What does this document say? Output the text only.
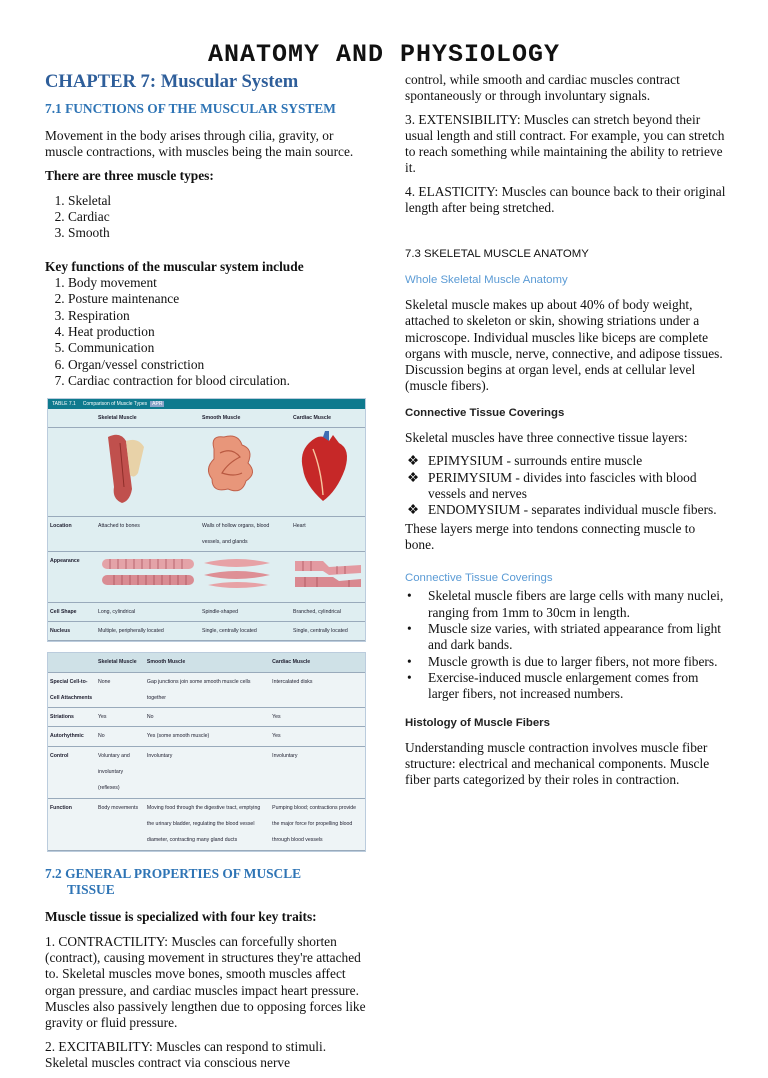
ANATOMY AND PHYSIOLOGY
CHAPTER 7: Muscular System
7.1 FUNCTIONS OF THE MUSCULAR SYSTEM

Movement in the body arises through cilia, gravity, or muscle contractions, with muscles being the main source.

There are three muscle types:

1. Skeletal
2. Cardiac
3. Smooth

Key functions of the muscular system include

1. Body movement
2. Posture maintenance
3. Respiration
4. Heat production
5. Communication
6. Organ/vessel constriction
7. Cardiac contraction for blood circulation.
TABLE 7.1 Comparison of Muscle Types APR
	Skeletal Muscle	Smooth Muscle	Cardiac Muscle

Location	Attached to bones	Walls of hollow organs, blood vessels, and glands	Heart
Appearance			
Cell Shape	Long, cylindrical	Spindle-shaped	Branched, cylindrical
Nucleus	Multiple, peripherally located	Single, centrally located	Single, centrally located
	Skeletal Muscle	Smooth Muscle	Cardiac Muscle
Special Cell-to-Cell Attachments	None	Gap junctions join some smooth muscle cells together	Intercalated disks
Striations	Yes	No	Yes
Autorhythmic	No	Yes (some smooth muscle)	Yes
Control	Voluntary and involuntary (reflexes)	Involuntary	Involuntary
Function	Body movements	Moving food through the digestive tract, emptying the urinary bladder, regulating the blood vessel diameter, contracting many gland ducts	Pumping blood; contractions provide the major force for propelling blood through blood vessels
7.2 GENERAL PROPERTIES OF MUSCLE
TISSUE

Muscle tissue is specialized with four key traits:

1. CONTRACTILITY: Muscles can forcefully shorten (contract), causing movement in structures they're attached to. Skeletal muscles move bones, smooth muscles affect organ pressure, and cardiac muscles impact heart pressure. Muscles also passively lengthen due to opposing forces like gravity or fluid pressure.

2. EXCITABILITY: Muscles can respond to stimuli. Skeletal muscles contract via conscious nerve

control, while smooth and cardiac muscles contract spontaneously or through involuntary signals.

3. EXTENSIBILITY: Muscles can stretch beyond their usual length and still contract. For example, you can stretch to reach something while maintaining the ability to retrieve it.

4. ELASTICITY: Muscles can bounce back to their original length after being stretched.

7.3 SKELETAL MUSCLE ANATOMY
Whole Skeletal Muscle Anatomy

Skeletal muscle makes up about 40% of body weight, attached to skeleton or skin, showing striations under a microscope. Individual muscles like biceps are complete organs with muscle, nerve, connective, and adipose tissues. Discussion begins at organ level, ends at cellular level (muscle fibers).

Connective Tissue Coverings

Skeletal muscles have three connective tissue layers:

❖ EPIMYSIUM - surrounds entire muscle
❖ PERIMYSIUM - divides into fascicles with blood vessels and nerves
❖ ENDOMYSIUM - separates individual muscle fibers.

These layers merge into tendons connecting muscle to bone.

Connective Tissue Coverings
• Skeletal muscle fibers are large cells with many nuclei, ranging from 1mm to 30cm in length.
• Muscle size varies, with striated appearance from light and dark bands.
• Muscle growth is due to larger fibers, not more fibers.
• Exercise-induced muscle enlargement comes from larger fibers, not increased numbers.
Histology of Muscle Fibers

Understanding muscle contraction involves muscle fiber structure: electrical and mechanical components. Muscle fiber parts categorized by their roles in contraction.
